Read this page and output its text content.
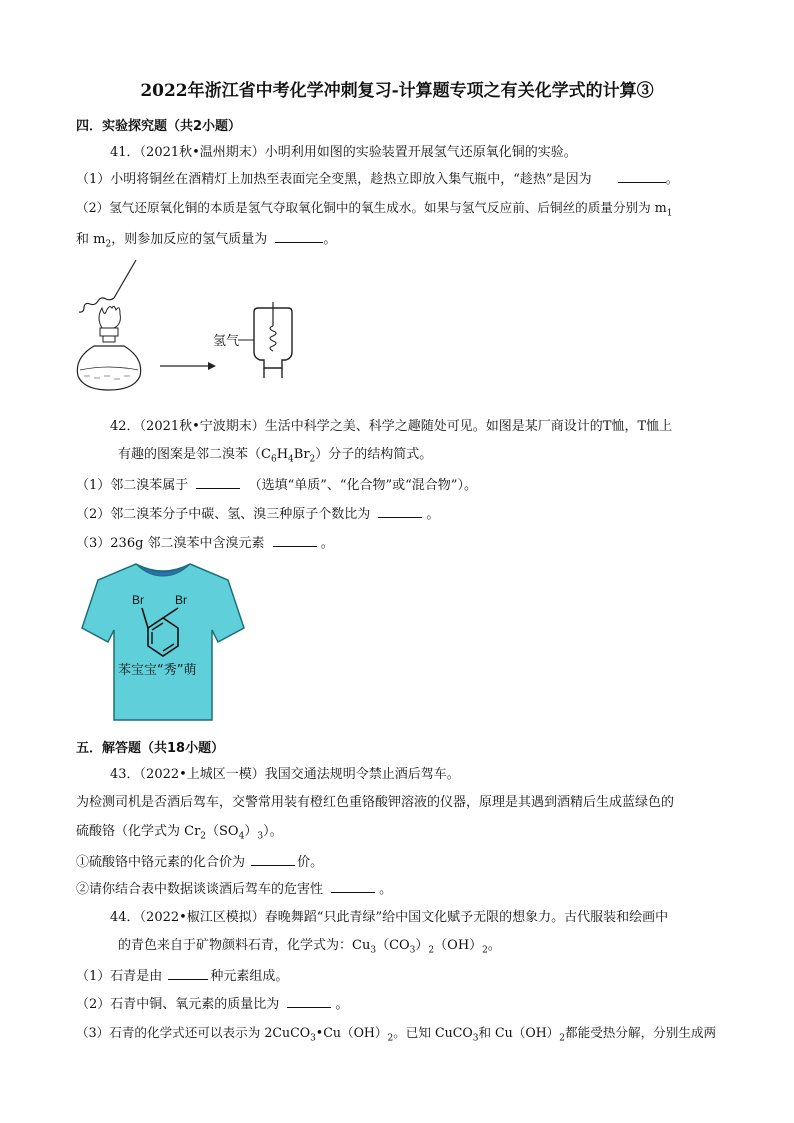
2022年浙江省中考化学冲刺复习-计算题专项之有关化学式的计算③
四．实验探究题（共2小题）
41．（2021秋•温州期末）小明利用如图的实验装置开展氢气还原氧化铜的实验。
（1）小明将铜丝在酒精灯上加热至表面完全变黑，趁热立即放入集气瓶中，“趁热”是因为	。
（2）氢气还原氧化铜的本质是氢气夺取氧化铜中的氧生成水。如果与氢气反应前、后铜丝的质量分别为 $m_1$
和 $m_2$，则参加反应的氢气质量为	。
氢气
42．（2021秋•宁波期末）生活中科学之美、科学之趣随处可见。如图是某厂商设计的T恤，T恤上
有趣的图案是邻二溴苯$(C_6H_4Br_2)$分子的结构简式。
（1）邻二溴苯属于	（选填“单质”、“化合物”或“混合物”）。
（2）邻二溴苯分子中碳、氢、溴三种原子个数比为	。
（3）236g 邻二溴苯中含溴元素	。
Br	Br
苯宝宝“秀”萌
五．解答题（共18小题）
43．（2022•上城区一模）我国交通法规明令禁止酒后驾车。
为检测司机是否酒后驾车，交警常用装有橙红色重铬酸钾溶液的仪器，原理是其遇到酒精后生成蓝绿色的
硫酸铬（化学式为 $Cr_2(SO_4)_3$）。
①硫酸铬中铬元素的化合价为	价。
②请你结合表中数据谈谈酒后驾车的危害性	。
44．（2022•椒江区模拟）春晚舞蹈“只此青绿”给中国文化赋予无限的想象力。古代服装和绘画中
的青色来自于矿物颜料石青，化学式为：$Cu_3(CO_3)_2(OH)_2$。
（1）石青是由	种元素组成。
（2）石青中铜、氧元素的质量比为	。
（3）石青的化学式还可以表示为 $2CuCO_3•Cu(OH)_2$。已知 CuCO$_3$和 $Cu(OH)_2$都能受热分解，分别生成两
